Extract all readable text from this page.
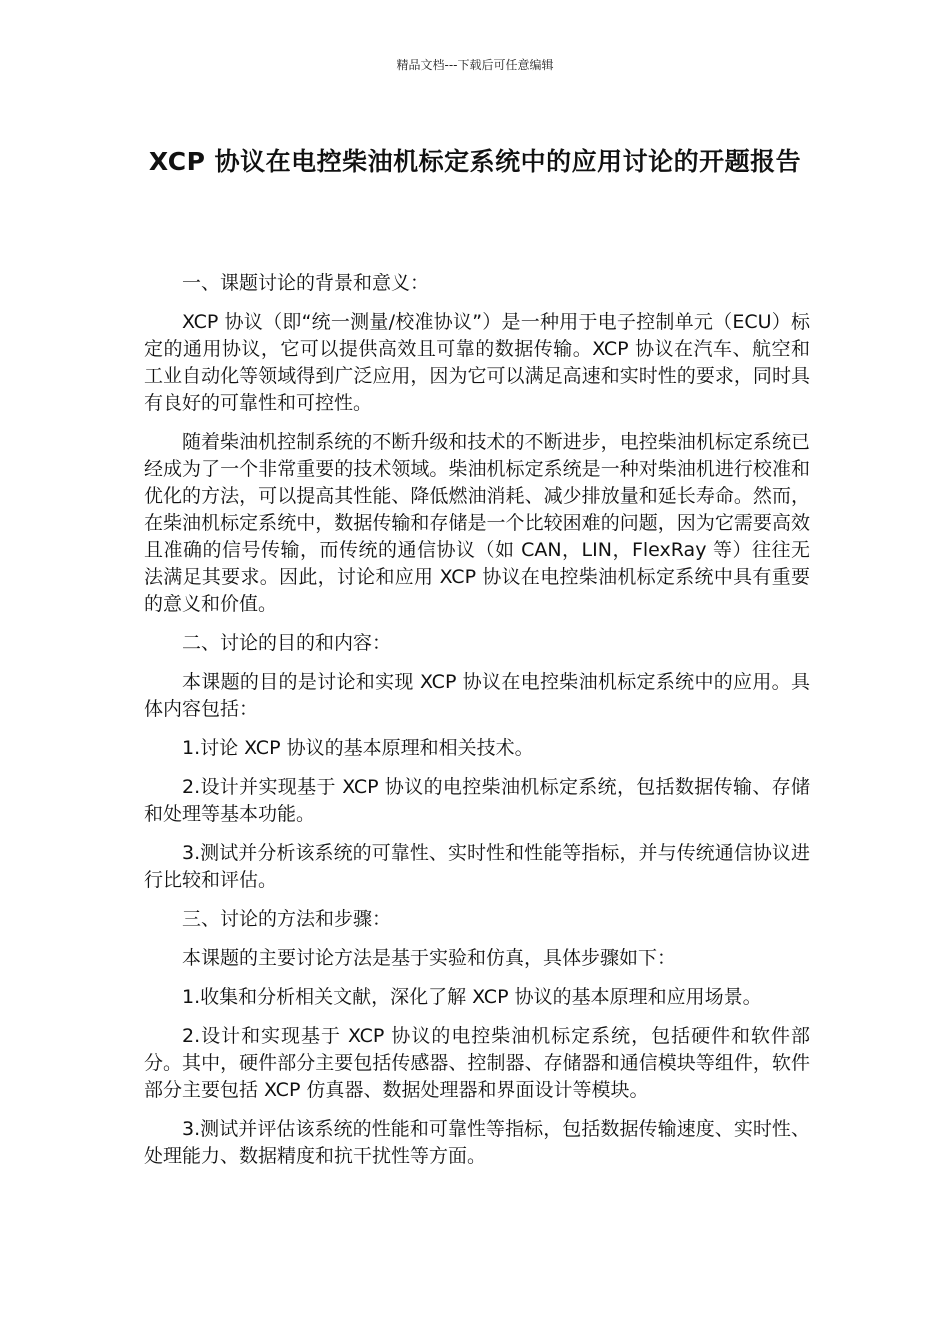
精品文档---下载后可任意编辑
XCP 协议在电控柴油机标定系统中的应用讨论的开题报告

一、课题讨论的背景和意义：

XCP 协议（即“统一测量/校准协议”）是一种用于电子控制单元（ECU）标定的通用协议，它可以提供高效且可靠的数据传输。XCP 协议在汽车、航空和工业自动化等领域得到广泛应用，因为它可以满足高速和实时性的要求，同时具有良好的可靠性和可控性。

随着柴油机控制系统的不断升级和技术的不断进步，电控柴油机标定系统已经成为了一个非常重要的技术领域。柴油机标定系统是一种对柴油机进行校准和优化的方法，可以提高其性能、降低燃油消耗、减少排放量和延长寿命。然而，在柴油机标定系统中，数据传输和存储是一个比较困难的问题，因为它需要高效且准确的信号传输，而传统的通信协议（如 CAN，LIN，FlexRay 等）往往无法满足其要求。因此，讨论和应用 XCP 协议在电控柴油机标定系统中具有重要的意义和价值。

二、讨论的目的和内容：

本课题的目的是讨论和实现 XCP 协议在电控柴油机标定系统中的应用。具体内容包括：

1.讨论 XCP 协议的基本原理和相关技术。

2.设计并实现基于 XCP 协议的电控柴油机标定系统，包括数据传输、存储和处理等基本功能。

3.测试并分析该系统的可靠性、实时性和性能等指标，并与传统通信协议进行比较和评估。

三、讨论的方法和步骤：

本课题的主要讨论方法是基于实验和仿真，具体步骤如下：

1.收集和分析相关文献，深化了解 XCP 协议的基本原理和应用场景。

2.设计和实现基于 XCP 协议的电控柴油机标定系统，包括硬件和软件部分。其中，硬件部分主要包括传感器、控制器、存储器和通信模块等组件，软件部分主要包括 XCP 仿真器、数据处理器和界面设计等模块。

3.测试并评估该系统的性能和可靠性等指标，包括数据传输速度、实时性、处理能力、数据精度和抗干扰性等方面。
